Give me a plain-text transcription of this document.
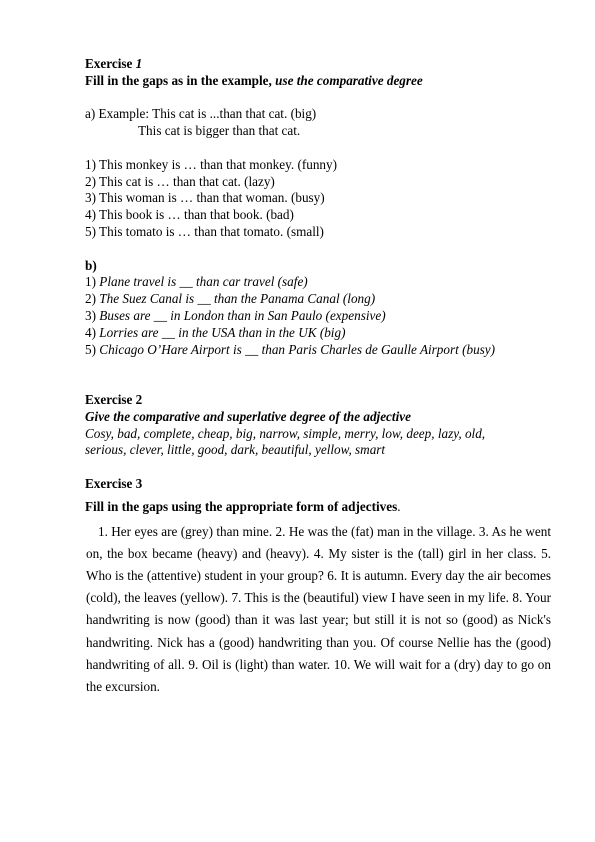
Exercise 1
Fill in the gaps as in the example, use the comparative degree
a) Example: This cat is ...than that cat. (big)
This cat is bigger than that cat.
1) This monkey is … than that monkey. (funny)
2) This cat is … than that cat. (lazy)
3) This woman is … than that woman. (busy)
4) This book is … than that book. (bad)
5) This tomato is … than that tomato. (small)
b)
1) Plane travel is __ than car travel (safe)
2) The Suez Canal is __ than the Panama Canal (long)
3) Buses are __ in London than in San Paulo (expensive)
4) Lorries are __ in the USA than in the UK (big)
5) Chicago O’Hare Airport is __ than Paris Charles de Gaulle Airport (busy)
Exercise 2
Give the comparative and superlative degree of the adjective
Cosy, bad, complete, cheap, big, narrow, simple, merry, low, deep, lazy, old,
serious, clever, little, good, dark, beautiful, yellow, smart
Exercise 3
Fill in the gaps using the appropriate form of adjectives.
1. Her eyes are (grey) than mine. 2. He was the (fat) man in the village. 3. As he went on, the box became (heavy) and (heavy). 4. My sister is the (tall) girl in her class. 5. Who is the (attentive) student in your group? 6. It is autumn. Every day the air becomes (cold), the leaves (yellow). 7. This is the (beautiful) view I have seen in my life. 8. Your handwriting is now (good) than it was last year; but still it is not so (good) as Nick's handwriting. Nick has a (good) handwriting than you. Of course Nellie has the (good) handwriting of all. 9. Oil is (light) than water. 10. We will wait for a (dry) day to go on the excursion.
